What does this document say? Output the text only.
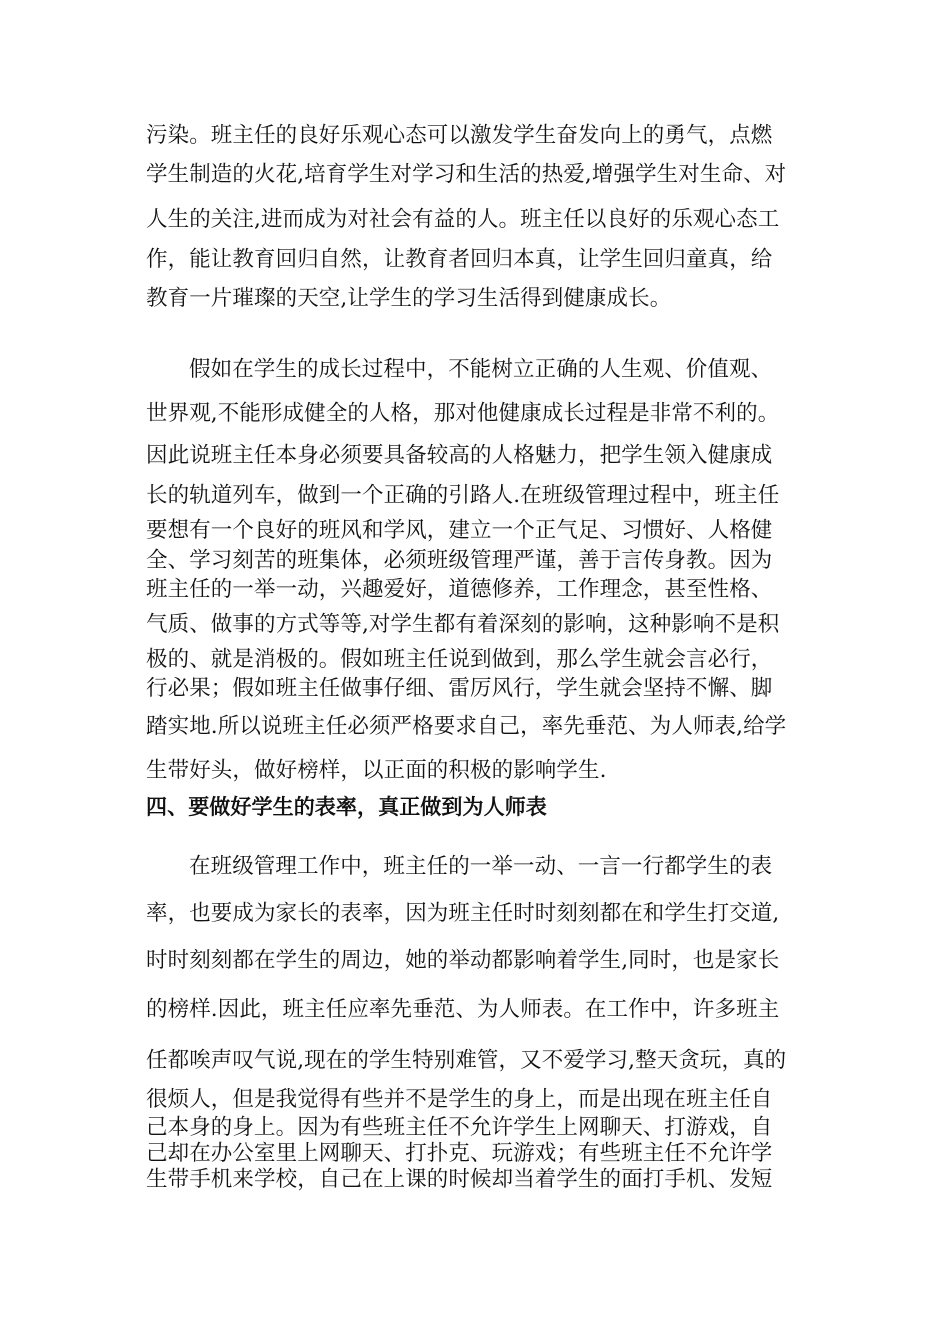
污染。班主任的良好乐观心态可以激发学生奋发向上的勇气，点燃
学生制造的火花,培育学生对学习和生活的热爱,增强学生对生命、对
人生的关注,进而成为对社会有益的人。班主任以良好的乐观心态工
作，能让教育回归自然，让教育者回归本真，让学生回归童真，给
教育一片璀璨的天空,让学生的学习生活得到健康成长。
假如在学生的成长过程中，不能树立正确的人生观、价值观、
世界观,不能形成健全的人格，那对他健康成长过程是非常不利的。
因此说班主任本身必须要具备较高的人格魅力，把学生领入健康成
长的轨道列车，做到一个正确的引路人.在班级管理过程中，班主任
要想有一个良好的班风和学风，建立一个正气足、习惯好、人格健
全、学习刻苦的班集体，必须班级管理严谨，善于言传身教。因为
班主任的一举一动，兴趣爱好，道德修养，工作理念，甚至性格、
气质、做事的方式等等,对学生都有着深刻的影响，这种影响不是积
极的、就是消极的。假如班主任说到做到，那么学生就会言必行，
行必果；假如班主任做事仔细、雷厉风行，学生就会坚持不懈、脚
踏实地.所以说班主任必须严格要求自己，率先垂范、为人师表,给学
生带好头，做好榜样，以正面的积极的影响学生.
四、要做好学生的表率，真正做到为人师表
在班级管理工作中，班主任的一举一动、一言一行都学生的表
率，也要成为家长的表率，因为班主任时时刻刻都在和学生打交道,
时时刻刻都在学生的周边，她的举动都影响着学生,同时，也是家长
的榜样.因此，班主任应率先垂范、为人师表。在工作中，许多班主
任都唉声叹气说,现在的学生特别难管，又不爱学习,整天贪玩，真的
很烦人，但是我觉得有些并不是学生的身上，而是出现在班主任自
己本身的身上。因为有些班主任不允许学生上网聊天、打游戏，自
己却在办公室里上网聊天、打扑克、玩游戏；有些班主任不允许学
生带手机来学校，自己在上课的时候却当着学生的面打手机、发短
